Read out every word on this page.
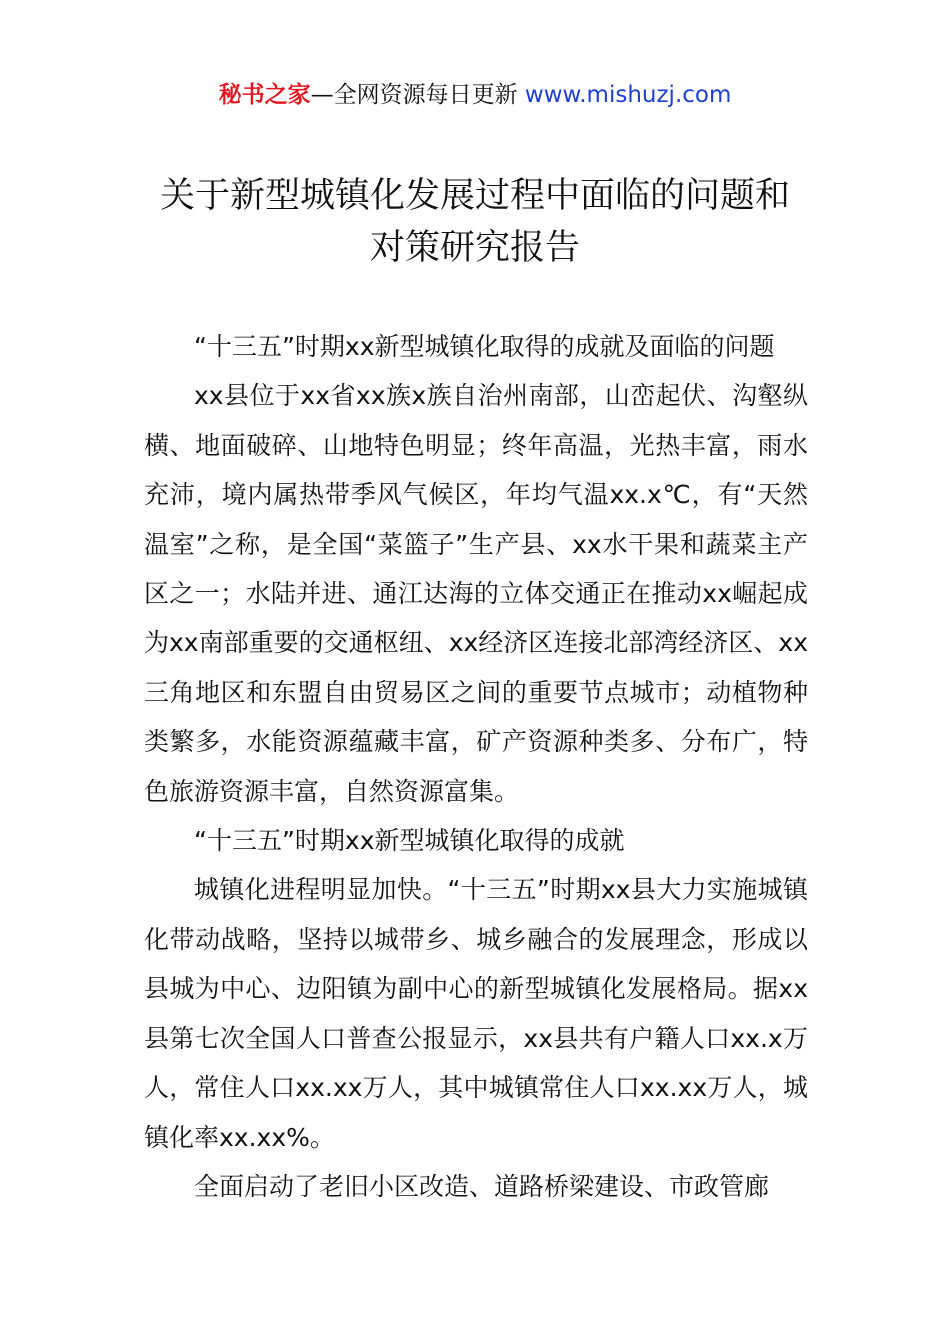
秘书之家—全网资源每日更新 www.mishuzj.com
关于新型城镇化发展过程中面临的问题和
对策研究报告

“十三五”时期xx新型城镇化取得的成就及面临的问题

xx县位于xx省xx族x族自治州南部，山峦起伏、沟壑纵横、地面破碎、山地特色明显；终年高温，光热丰富，雨水充沛，境内属热带季风气候区，年均气温xx.x℃，有“天然温室”之称，是全国“菜篮子”生产县、xx水干果和蔬菜主产区之一；水陆并进、通江达海的立体交通正在推动xx崛起成为xx南部重要的交通枢纽、xx经济区连接北部湾经济区、xx三角地区和东盟自由贸易区之间的重要节点城市；动植物种类繁多，水能资源蕴藏丰富，矿产资源种类多、分布广，特色旅游资源丰富，自然资源富集。

“十三五”时期xx新型城镇化取得的成就

城镇化进程明显加快。“十三五”时期xx县大力实施城镇化带动战略，坚持以城带乡、城乡融合的发展理念，形成以县城为中心、边阳镇为副中心的新型城镇化发展格局。据xx县第七次全国人口普查公报显示，xx县共有户籍人口xx.x万人，常住人口xx.xx万人，其中城镇常住人口xx.xx万人，城镇化率xx.xx%。

全面启动了老旧小区改造、道路桥梁建设、市政管廊
